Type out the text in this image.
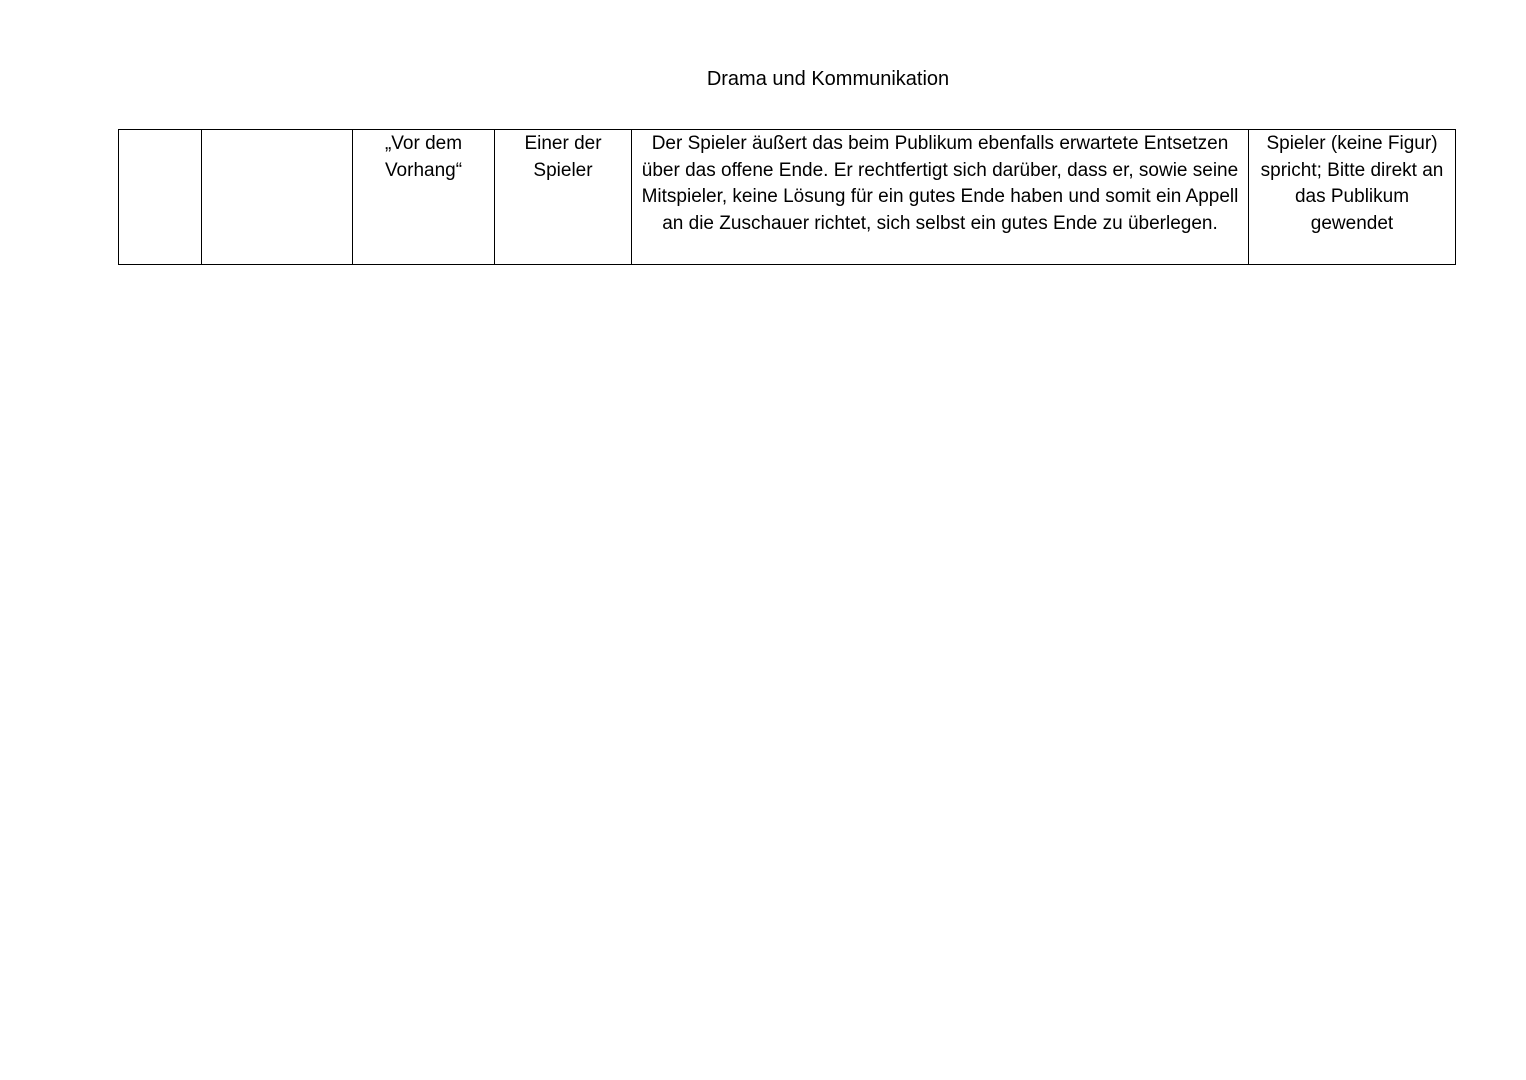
Drama und Kommunikation
		„Vor dem Vorhang“	Einer der Spieler	Der Spieler äußert das beim Publikum ebenfalls erwartete Entsetzen über das offene Ende. Er rechtfertigt sich darüber, dass er, sowie seine Mitspieler, keine Lösung für ein gutes Ende haben und somit ein Appell an die Zuschauer richtet, sich selbst ein gutes Ende zu überlegen.	Spieler (keine Figur) spricht; Bitte direkt an das Publikum gewendet
